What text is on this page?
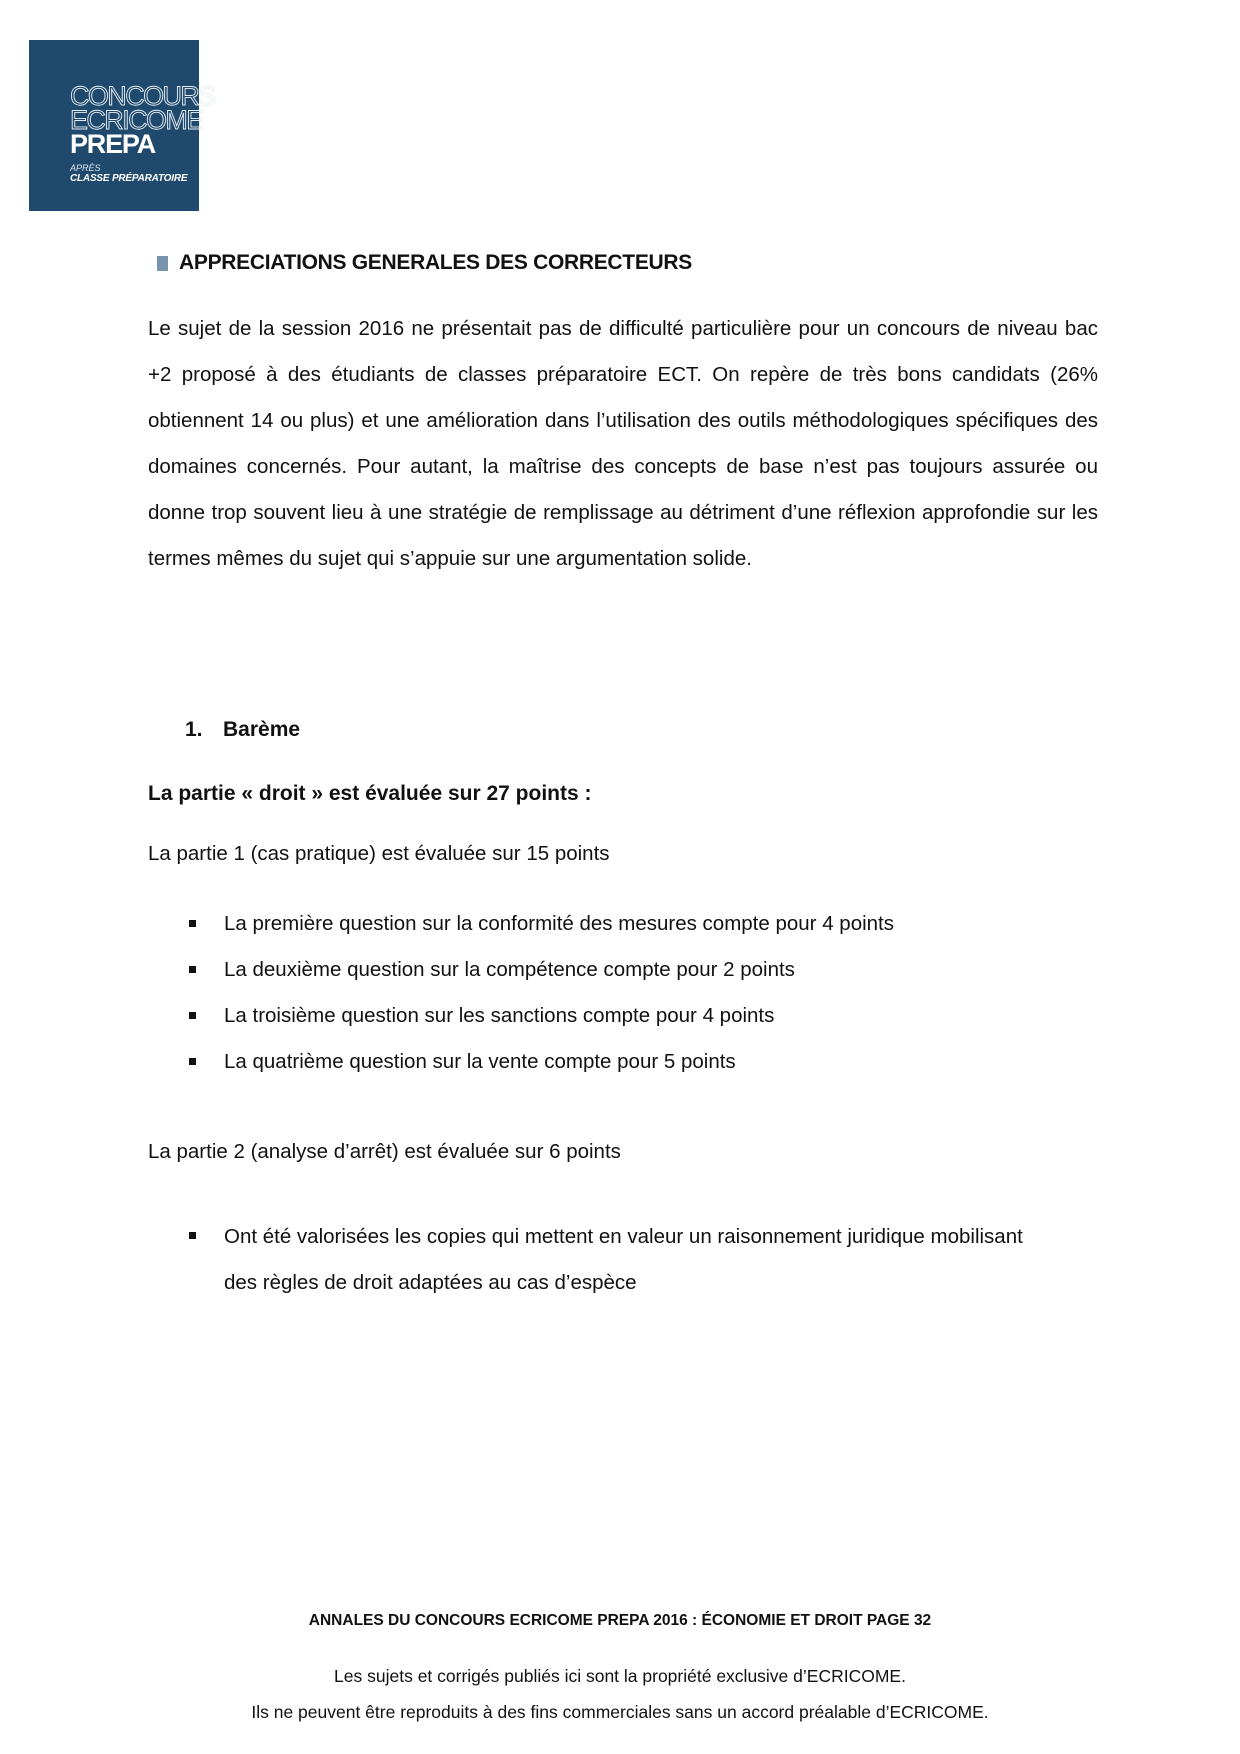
CONCOURS
ECRICOME
PREPA
APRÈS
CLASSE PRÉPARATOIRE
APPRECIATIONS GENERALES DES CORRECTEURS

Le sujet de la session 2016 ne présentait pas de difficulté particulière pour un concours de niveau bac +2 proposé à des étudiants de classes préparatoire ECT. On repère de très bons candidats (26% obtiennent 14 ou plus) et une amélioration dans l’utilisation des outils méthodologiques spécifiques des domaines concernés. Pour autant, la maîtrise des concepts de base n’est pas toujours assurée ou donne trop souvent lieu à une stratégie de remplissage au détriment d’une réflexion approfondie sur les termes mêmes du sujet qui s’appuie sur une argumentation solide.

1. Barème

La partie « droit » est évaluée sur 27 points :

La partie 1 (cas pratique) est évaluée sur 15 points

La première question sur la conformité des mesures compte pour 4 points
La deuxième question sur la compétence compte pour 2 points
La troisième question sur les sanctions compte pour 4 points
La quatrième question sur la vente compte pour 5 points

La partie 2 (analyse d’arrêt) est évaluée sur 6 points

Ont été valorisées les copies qui mettent en valeur un raisonnement juridique mobilisant des règles de droit adaptées au cas d’espèce

ANNALES DU CONCOURS ECRICOME PREPA 2016 : ÉCONOMIE ET DROIT PAGE 32

Les sujets et corrigés publiés ici sont la propriété exclusive d’ECRICOME.

Ils ne peuvent être reproduits à des fins commerciales sans un accord préalable d’ECRICOME.
